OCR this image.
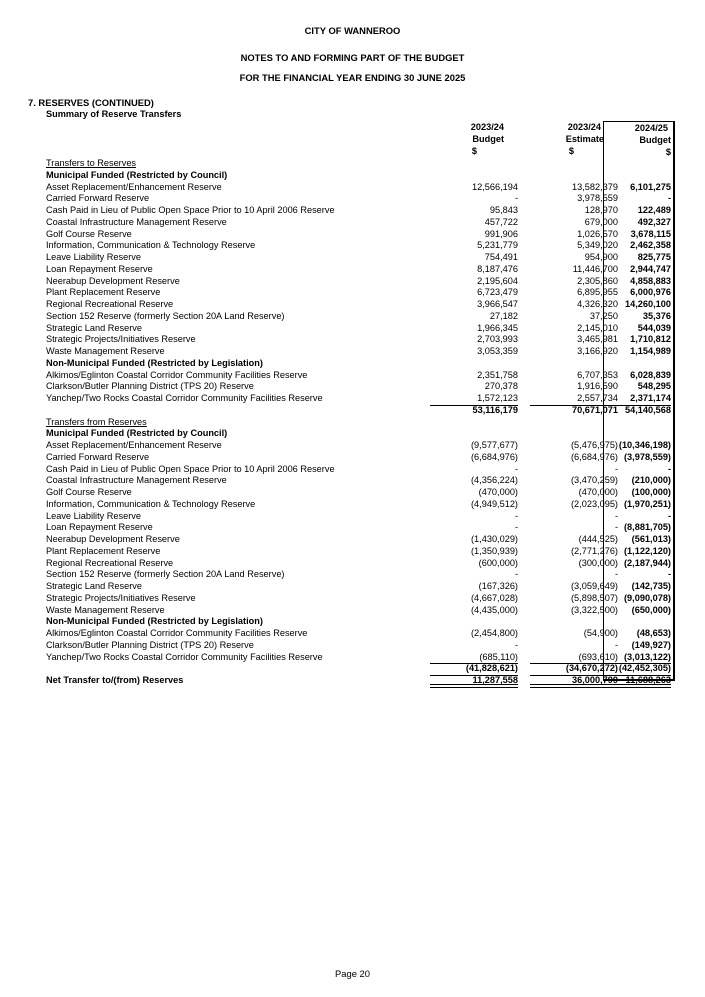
CITY OF WANNEROO
NOTES TO AND FORMING PART OF THE BUDGET
FOR THE FINANCIAL YEAR ENDING 30 JUNE 2025
7. RESERVES (CONTINUED)
Summary of Reserve Transfers
2023/24
Budget
$
2023/24
Estimate
$
2024/25
Budget
$
Transfers to Reserves
Municipal Funded (Restricted by Council)
Asset Replacement/Enhancement Reserve	12,566,194	13,582,379	6,101,275
Carried Forward Reserve	-	3,978,559	-
Cash Paid in Lieu of Public Open Space Prior to 10 April 2006 Reserve	95,843	128,970	122,489
Coastal Infrastructure Management Reserve	457,722	679,000	492,327
Golf Course Reserve	991,906	1,026,570	3,678,115
Information, Communication & Technology Reserve	5,231,779	5,349,020	2,462,358
Leave Liability Reserve	754,491	954,900	825,775
Loan Repayment Reserve	8,187,476	11,446,700	2,944,747
Neerabup Development Reserve	2,195,604	2,305,860	4,858,883
Plant Replacement Reserve	6,723,479	6,895,955	6,000,976
Regional Recreational Reserve	3,966,547	4,326,320 14,260,100
Section 152 Reserve (formerly Section 20A Land Reserve)	27,182	37,250	35,376
Strategic Land Reserve	1,966,345	2,145,010	544,039
Strategic Projects/Initiatives Reserve	2,703,993	3,465,981	1,710,812
Waste Management Reserve	3,053,359	3,166,920	1,154,989
Non-Municipal Funded (Restricted by Legislation)
Alkimos/Eglinton Coastal Corridor Community Facilities Reserve	2,351,758	6,707,353	6,028,839
Clarkson/Butler Planning District (TPS 20) Reserve	270,378	1,916,590	548,295
Yanchep/Two Rocks Coastal Corridor Community Facilities Reserve	1,572,123	2,557,734	2,371,174
53,116,179	70,671,071 54,140,568
Transfers from Reserves
Municipal Funded (Restricted by Council)
Asset Replacement/Enhancement Reserve	(9,577,677)	(5,476,975) (10,346,198)
Carried Forward Reserve	(6,684,976)	(6,684,976) (3,978,559)
Cash Paid in Lieu of Public Open Space Prior to 10 April 2006 Reserve	-	-	-
Coastal Infrastructure Management Reserve	(4,356,224)	(3,470,259)	(210,000)
Golf Course Reserve	(470,000)	(470,000)	(100,000)
Information, Communication & Technology Reserve	(4,949,512)	(2,023,095) (1,970,251)
Leave Liability Reserve	-	-	-
Loan Repayment Reserve	-	- (8,881,705)
Neerabup Development Reserve	(1,430,029)	(444,525)	(561,013)
Plant Replacement Reserve	(1,350,939)	(2,771,276) (1,122,120)
Regional Recreational Reserve	(600,000)	(300,000) (2,187,944)
Section 152 Reserve (formerly Section 20A Land Reserve)	-	-	-
Strategic Land Reserve	(167,326)	(3,059,649)	(142,735)
Strategic Projects/Initiatives Reserve	(4,667,028)	(5,898,507) (9,090,078)
Waste Management Reserve	(4,435,000)	(3,322,500)	(650,000)
Non-Municipal Funded (Restricted by Legislation)
Alkimos/Eglinton Coastal Corridor Community Facilities Reserve	(2,454,800)	(54,900)	(48,653)
Clarkson/Butler Planning District (TPS 20) Reserve	-	-	(149,927)
Yanchep/Two Rocks Coastal Corridor Community Facilities Reserve	(685,110)	(693,610) (3,013,122)
(41,828,621)	(34,670,272) (42,452,305)
Net Transfer to/(from) Reserves	11,287,558	36,000,799 11,688,263
Page 20
